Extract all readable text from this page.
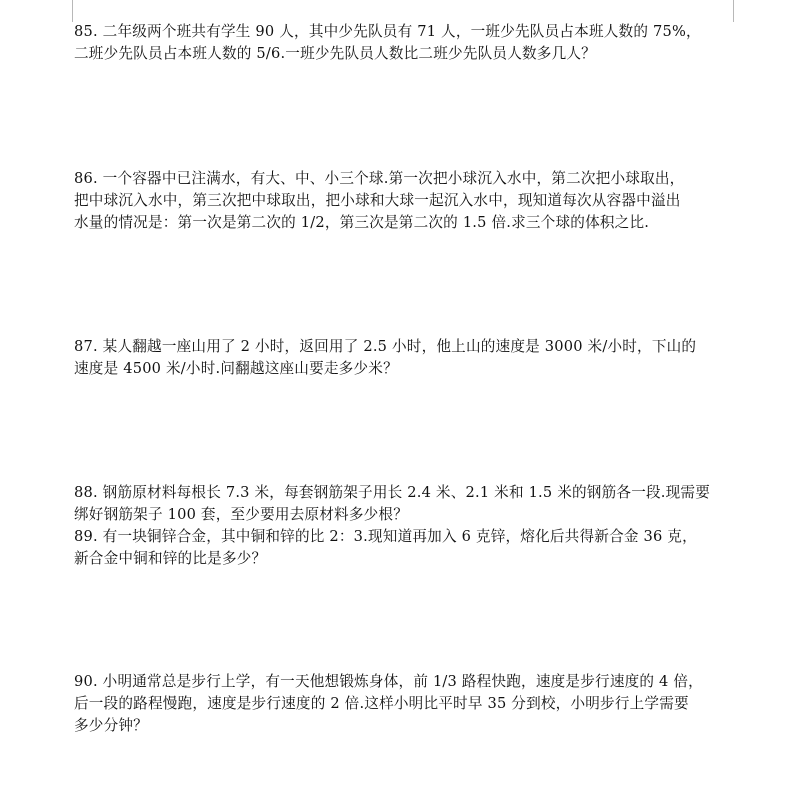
85. 二年级两个班共有学生 90 人，其中少先队员有 71 人，一班少先队员占本班人数的 75%，
二班少先队员占本班人数的 5/6.一班少先队员人数比二班少先队员人数多几人？

86. 一个容器中已注满水，有大、中、小三个球.第一次把小球沉入水中，第二次把小球取出，
把中球沉入水中，第三次把中球取出，把小球和大球一起沉入水中，现知道每次从容器中溢出
水量的情况是：第一次是第二次的 1/2，第三次是第二次的 1.5 倍.求三个球的体积之比.

87. 某人翻越一座山用了 2 小时，返回用了 2.5 小时，他上山的速度是 3000 米/小时，下山的
速度是 4500 米/小时.问翻越这座山要走多少米？

88. 钢筋原材料每根长 7.3 米，每套钢筋架子用长 2.4 米、2.1 米和 1.5 米的钢筋各一段.现需要
绑好钢筋架子 100 套，至少要用去原材料多少根？

89. 有一块铜锌合金，其中铜和锌的比 2：3.现知道再加入 6 克锌，熔化后共得新合金 36 克，
新合金中铜和锌的比是多少？

90. 小明通常总是步行上学，有一天他想锻炼身体，前 1/3 路程快跑，速度是步行速度的 4 倍，
后一段的路程慢跑，速度是步行速度的 2 倍.这样小明比平时早 35 分到校，小明步行上学需要
多少分钟？
